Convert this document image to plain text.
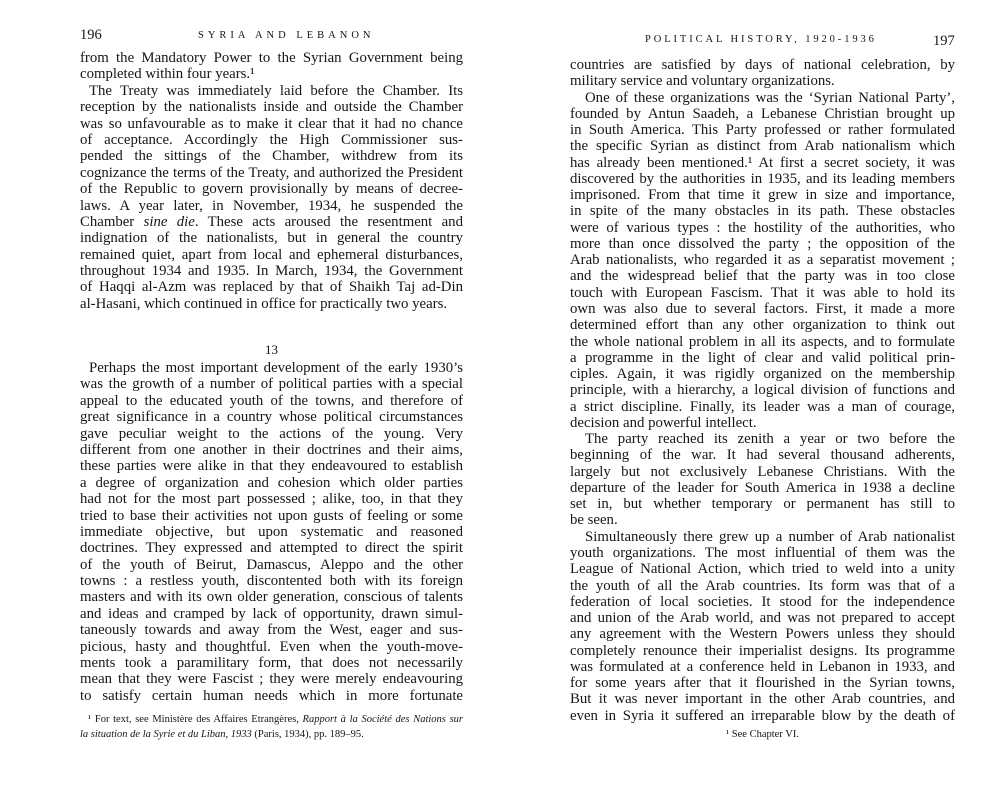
196	SYRIA AND LEBANON
from the Mandatory Power to the Syrian Government being
completed within four years.¹
The Treaty was immediately laid before the Chamber. Its
reception by the nationalists inside and outside the Chamber
was so unfavourable as to make it clear that it had no chance
of acceptance. Accordingly the High Commissioner sus-
pended the sittings of the Chamber, withdrew from its
cognizance the terms of the Treaty, and authorized the President
of the Republic to govern provisionally by means of decree-
laws. A year later, in November, 1934, he suspended the
Chamber sine die. These acts aroused the resentment and
indignation of the nationalists, but in general the country
remained quiet, apart from local and ephemeral disturbances,
throughout 1934 and 1935. In March, 1934, the Government
of Haqqi al-Azm was replaced by that of Shaikh Taj ad-Din
al-Hasani, which continued in office for practically two years.
13
Perhaps the most important development of the early 1930’s
was the growth of a number of political parties with a special
appeal to the educated youth of the towns, and therefore of
great significance in a country whose political circumstances
gave peculiar weight to the actions of the young. Very
different from one another in their doctrines and their aims,
these parties were alike in that they endeavoured to establish
a degree of organization and cohesion which older parties
had not for the most part possessed ; alike, too, in that they
tried to base their activities not upon gusts of feeling or some
immediate objective, but upon systematic and reasoned
doctrines. They expressed and attempted to direct the spirit
of the youth of Beirut, Damascus, Aleppo and the other
towns : a restless youth, discontented both with its foreign
masters and with its own older generation, conscious of talents
and ideas and cramped by lack of opportunity, drawn simul-
taneously towards and away from the West, eager and sus-
picious, hasty and thoughtful. Even when the youth-move-
ments took a paramilitary form, that does not necessarily
mean that they were Fascist ; they were merely endeavouring
to satisfy certain human needs which in more fortunate
¹ For text, see Ministère des Affaires Etrangères, Rapport à la Société des Nations sur
la situation de la Syrie et du Liban, 1933 (Paris, 1934), pp. 189–95.
POLITICAL HISTORY, 1920-1936	197
countries are satisfied by days of national celebration, by
military service and voluntary organizations.
One of these organizations was the ‘Syrian National Party’,
founded by Antun Saadeh, a Lebanese Christian brought up
in South America. This Party professed or rather formulated
the specific Syrian as distinct from Arab nationalism which
has already been mentioned.¹ At first a secret society, it was
discovered by the authorities in 1935, and its leading members
imprisoned. From that time it grew in size and importance,
in spite of the many obstacles in its path. These obstacles
were of various types : the hostility of the authorities, who
more than once dissolved the party ; the opposition of the
Arab nationalists, who regarded it as a separatist movement ;
and the widespread belief that the party was in too close
touch with European Fascism. That it was able to hold its
own was also due to several factors. First, it made a more
determined effort than any other organization to think out
the whole national problem in all its aspects, and to formulate
a programme in the light of clear and valid political prin-
ciples. Again, it was rigidly organized on the membership
principle, with a hierarchy, a logical division of functions and
a strict discipline. Finally, its leader was a man of courage,
decision and powerful intellect.
The party reached its zenith a year or two before the
beginning of the war. It had several thousand adherents,
largely but not exclusively Lebanese Christians. With the
departure of the leader for South America in 1938 a decline
set in, but whether temporary or permanent has still to
be seen.
Simultaneously there grew up a number of Arab nationalist
youth organizations. The most influential of them was the
League of National Action, which tried to weld into a unity
the youth of all the Arab countries. Its form was that of a
federation of local societies. It stood for the independence
and union of the Arab world, and was not prepared to accept
any agreement with the Western Powers unless they should
completely renounce their imperialist designs. Its programme
was formulated at a conference held in Lebanon in 1933, and
for some years after that it flourished in the Syrian towns,
But it was never important in the other Arab countries, and
even in Syria it suffered an irreparable blow by the death of
¹ See Chapter VI.
